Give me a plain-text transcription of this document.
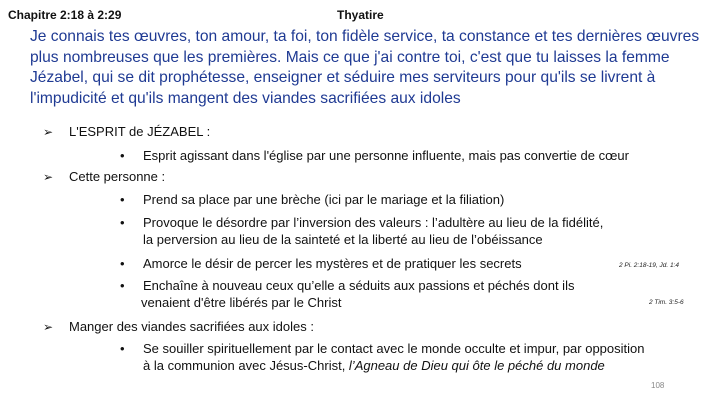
Chapitre 2:18 à 2:29	Thyatire
Je connais tes œuvres, ton amour, ta foi, ton fidèle service, ta constance et tes dernières œuvres plus nombreuses que les premières. Mais ce que j'ai contre toi, c'est que tu laisses la femme Jézabel, qui se dit prophétesse, enseigner et séduire mes serviteurs pour qu'ils se livrent à l'impudicité et qu'ils mangent des viandes sacrifiées aux idoles
➢ L'ESPRIT de JÉZABEL :
• Esprit agissant dans l'église par une personne influente, mais pas convertie de cœur
➢ Cette personne :
• Prend sa place par une brèche (ici par le mariage et la filiation)
• Provoque le désordre par l’inversion des valeurs : l’adultère au lieu de la fidélité,
la perversion au lieu de la sainteté et la liberté au lieu de l’obéissance
• Amorce le désir de percer les mystères et de pratiquer les secrets	2 Pi. 2:18-19, Jd. 1:4
• Enchaîne à nouveau ceux qu’elle a séduits aux passions et péchés dont ils
venaient d'être libérés par le Christ	2 Tim. 3:5-6
➢ Manger des viandes sacrifiées aux idoles :
• Se souiller spirituellement par le contact avec le monde occulte et impur, par opposition
à la communion avec Jésus-Christ, l’Agneau de Dieu qui ôte le péché du monde
108
